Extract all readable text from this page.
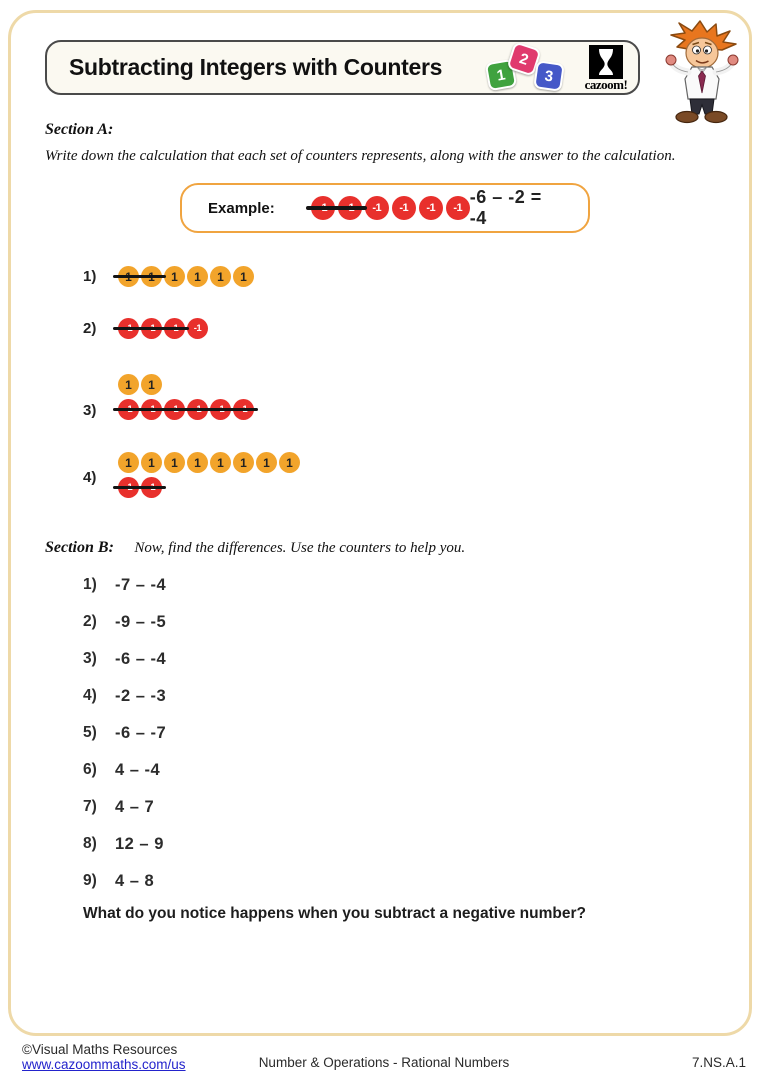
Subtracting Integers with Counters	1
2
3	cazoom!
Section A:
Write down the calculation that each set of counters represents, along with the answer to the calculation.
Example:	-1	-1	-1	-1
-6 – -2 = -4
1)	1	1	1	1
2)	-1
3)
1	1
4)
1	1	1	1	1	1	1	1
Section B: Now, find the differences. Use the counters to help you.
1)	-7 – -4
2)	-9 – -5
3)	-6 – -4
4)	-2 – -3
5)	-6 – -7
6)	4 – -4
7)	4 – 7
8)	12 – 9
9)	4 – 8
What do you notice happens when you subtract a negative number?
©Visual Maths Resources
www.cazoommaths.com/us	Number & Operations - Rational Numbers	7.NS.A.1
